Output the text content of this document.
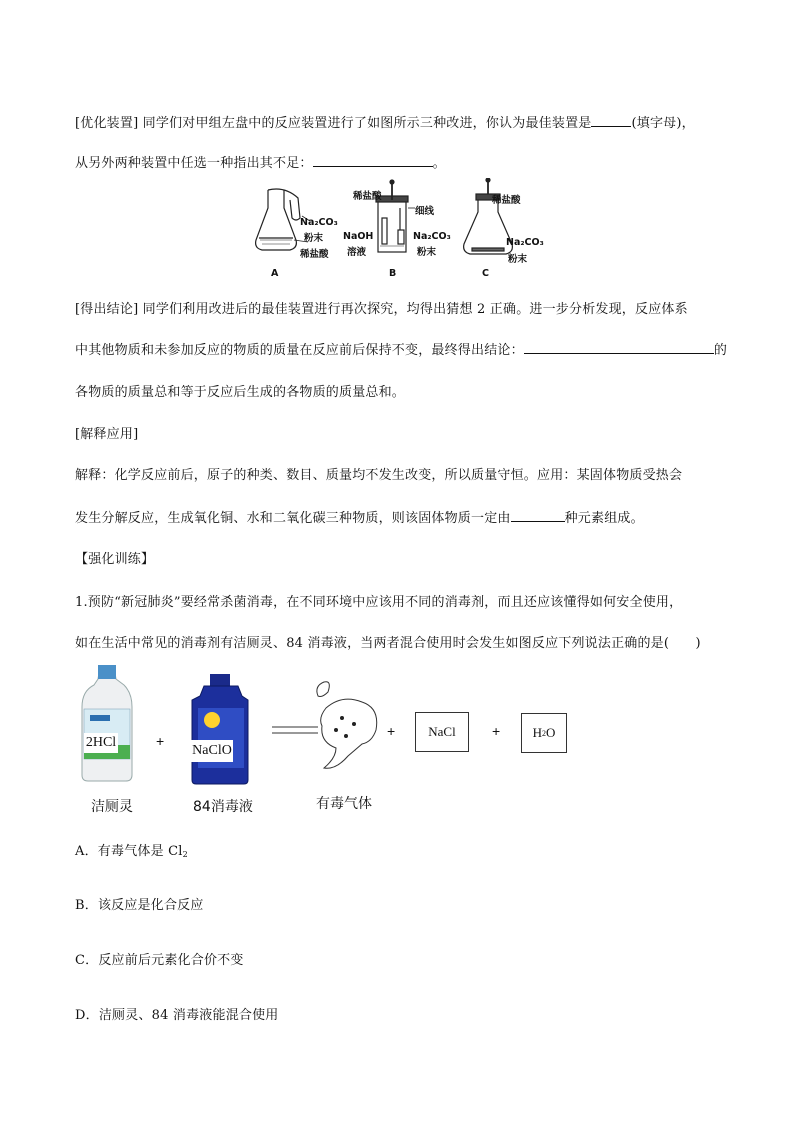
[优化装置] 同学们对甲组左盘中的反应装置进行了如图所示三种改进，你认为最佳装置是	(填字母)，
从另外两种装置中任选一种指出其不足：	。
Na₂CO₃
粉末
稀盐酸
A
稀盐酸
细线
NaOH
溶液
Na₂CO₃
粉末
B
稀盐酸
Na₂CO₃
粉末
C
[得出结论] 同学们利用改进后的最佳装置进行再次探究，均得出猜想 2 正确。进一步分析发现，反应体系
中其他物质和未参加反应的物质的质量在反应前后保持不变，最终得出结论：	的
各物质的质量总和等于反应后生成的各物质的质量总和。
[解释应用]
解释：化学反应前后，原子的种类、数目、质量均不发生改变，所以质量守恒。应用：某固体物质受热会
发生分解反应，生成氧化铜、水和二氧化碳三种物质，则该固体物质一定由	种元素组成。
【强化训练】
1.预防“新冠肺炎”要经常杀菌消毒，在不同环境中应该用不同的消毒剂，而且还应该懂得如何安全使用，
如在生活中常见的消毒剂有洁厕灵、84 消毒液，当两者混合使用时会发生如图反应下列说法正确的是(　　)
2HCl
洁厕灵
+
NaClO
84消毒液	有毒气体
+	NaCl	+ H 2 O
A．有毒气体是 $Cl_2$
B．该反应是化合反应
C．反应前后元素化合价不变
D．洁厕灵、84 消毒液能混合使用
